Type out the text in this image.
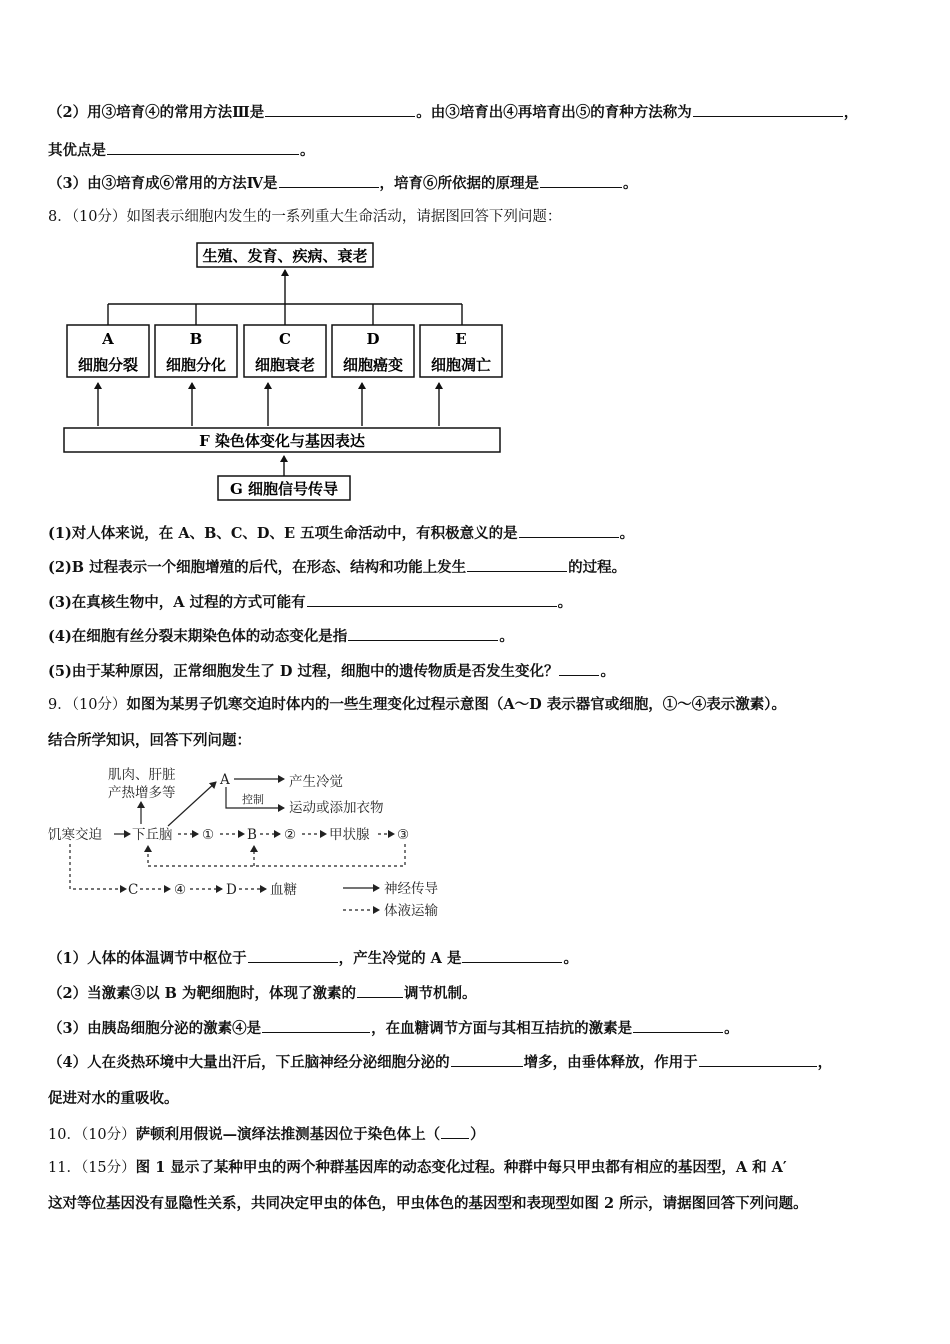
（2）用③培育④的常用方法Ⅲ是	。由③培育出④再培育出⑤的育种方法称为	，
其优点是	。
（3）由③培育成⑥常用的方法Ⅳ是	，培育⑥所依据的原理是	。
8．（10分）如图表示细胞内发生的一系列重大生命活动，请据图回答下列问题：
生殖、发育、疾病、衰老
A
细胞分裂
B
细胞分化
C
细胞衰老
D
细胞癌变
E
细胞凋亡
F 染色体变化与基因表达
G 细胞信号传导
(1)对人体来说，在 A、B、C、D、E 五项生命活动中，有积极意义的是	。
(2)B 过程表示一个细胞增殖的后代，在形态、结构和功能上发生	的过程。
(3)在真核生物中，A 过程的方式可能有	。
(4)在细胞有丝分裂末期染色体的动态变化是指	。
(5)由于某种原因，正常细胞发生了 D 过程，细胞中的遗传物质是否发生变化？	。
9．（10分）如图为某男子饥寒交迫时体内的一些生理变化过程示意图（A～D 表示器官或细胞，①～④表示激素）。
结合所学知识，回答下列问题：
肌肉、肝脏
产热增多等
A	产生冷觉
控制
运动或添加衣物
饥寒交迫 下丘脑 ① B ② 甲状腺 ③
C	④	D 血糖	神经传导
体液运输
（1）人体的体温调节中枢位于	，产生冷觉的 A 是	。
（2）当激素③以 B 为靶细胞时，体现了激素的	调节机制。
（3）由胰岛细胞分泌的激素④是	，在血糖调节方面与其相互拮抗的激素是	。
（4）人在炎热环境中大量出汗后，下丘脑神经分泌细胞分泌的	增多，由垂体释放，作用于	，
促进对水的重吸收。
10．（10分）萨顿利用假说—演绎法推测基因位于染色体上（ ）
11．（15分）图 1 显示了某种甲虫的两个种群基因库的动态变化过程。种群中每只甲虫都有相应的基因型，A 和 A′
这对等位基因没有显隐性关系，共同决定甲虫的体色，甲虫体色的基因型和表现型如图 2 所示，请据图回答下列问题。
